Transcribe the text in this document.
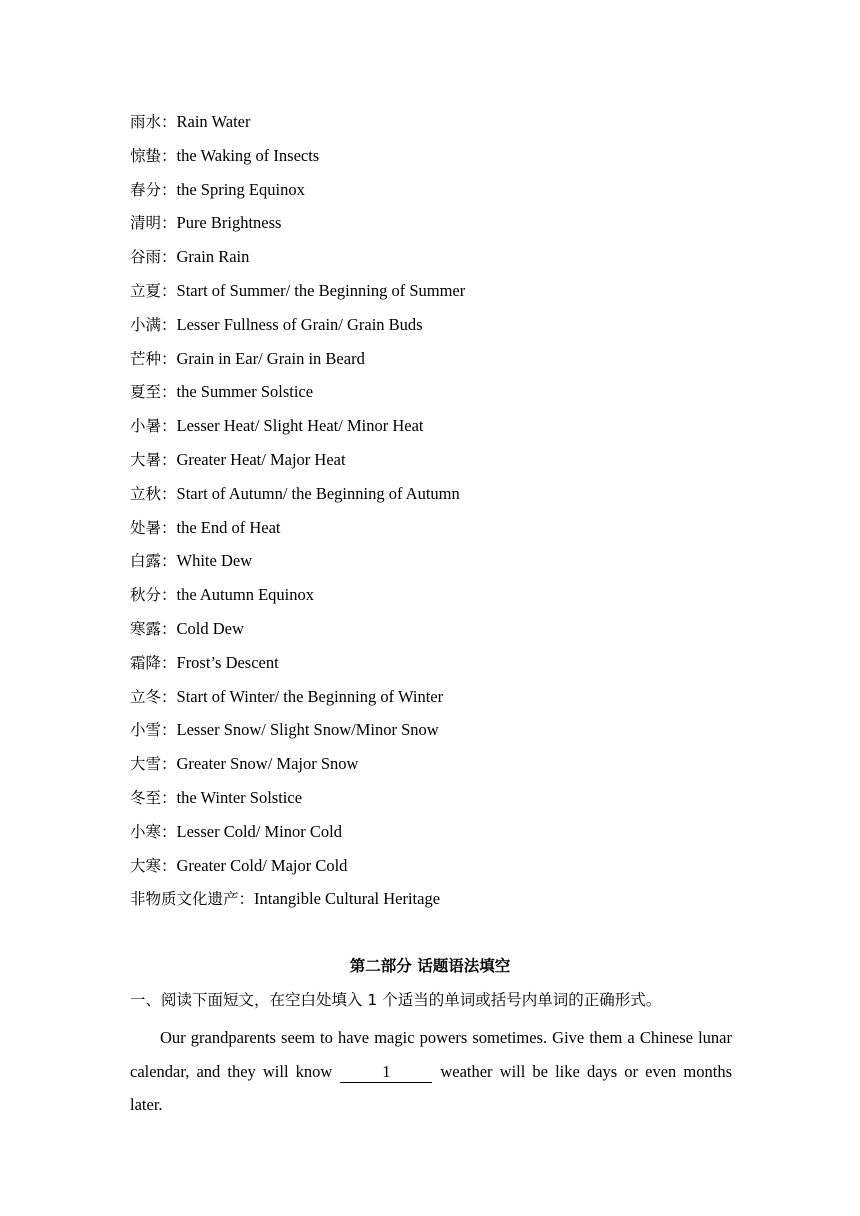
雨水：Rain Water
惊蛰：the Waking of Insects
春分：the Spring Equinox
清明：Pure Brightness
谷雨：Grain Rain
立夏：Start of Summer/ the Beginning of Summer
小满：Lesser Fullness of Grain/ Grain Buds
芒种：Grain in Ear/ Grain in Beard
夏至：the Summer Solstice
小暑：Lesser Heat/ Slight Heat/ Minor Heat
大暑：Greater Heat/ Major Heat
立秋：Start of Autumn/ the Beginning of Autumn
处暑：the End of Heat
白露：White Dew
秋分：the Autumn Equinox
寒露：Cold Dew
霜降：Frost’s Descent
立冬：Start of Winter/ the Beginning of Winter
小雪：Lesser Snow/ Slight Snow/Minor Snow
大雪：Greater Snow/ Major Snow
冬至：the Winter Solstice
小寒：Lesser Cold/ Minor Cold
大寒：Greater Cold/ Major Cold
非物质文化遗产：Intangible Cultural Heritage
第二部分 话题语法填空
一、阅读下面短文，在空白处填入 1 个适当的单词或括号内单词的正确形式。
Our grandparents seem to have magic powers sometimes. Give them a Chinese lunar calendar, and they will know	1	weather will be like days or even months later.
